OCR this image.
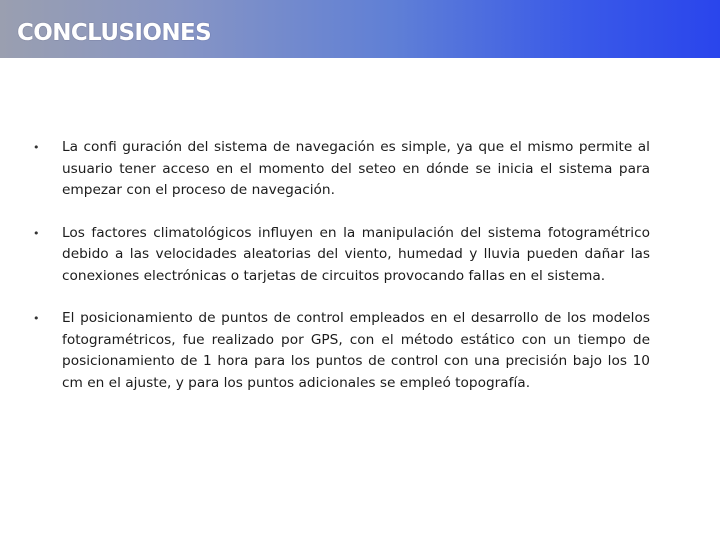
CONCLUSIONES
• La confi guración del sistema de navegación es simple, ya que el mismo permite al usuario tener acceso en el momento del seteo en dónde se inicia el sistema para empezar con el proceso de navegación.
• Los factores climatológicos influyen en la manipulación del sistema fotogramétrico debido a las velocidades aleatorias del viento, humedad y lluvia pueden dañar las conexiones electrónicas o tarjetas de circuitos provocando fallas en el sistema.
• El posicionamiento de puntos de control empleados en el desarrollo de los modelos fotogramétricos, fue realizado por GPS, con el método estático con un tiempo de posicionamiento de 1 hora para los puntos de control con una precisión bajo los 10 cm en el ajuste, y para los puntos adicionales se empleó topografía.
